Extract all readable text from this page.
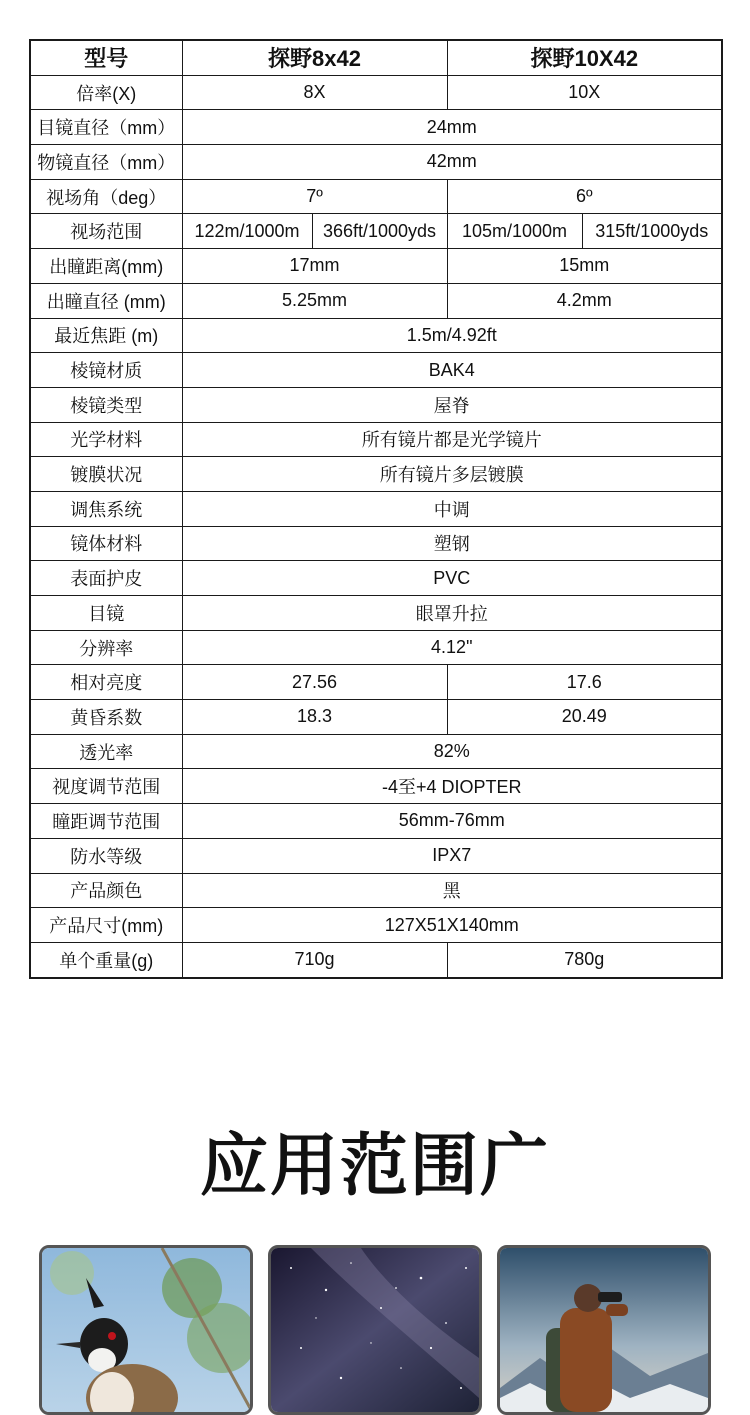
型号	探野8x42		探野10X42	
倍率(X)	8X		10X	
目镜直径（mm）	24mm			
物镜直径（mm）	42mm			
视场角（deg）	7º		6º	
视场范围	122m/1000m	366ft/1000yds	105m/1000m	315ft/1000yds
出瞳距离(mm)	17mm		15mm	
出瞳直径 (mm)	5.25mm		4.2mm	
最近焦距 (m)	1.5m/4.92ft			
棱镜材质	BAK4			
棱镜类型	屋脊			
光学材料	所有镜片都是光学镜片			
镀膜状况	所有镜片多层镀膜			
调焦系统	中调			
镜体材料	塑钢			
表面护皮	PVC			
目镜	眼罩升拉			
分辨率	4.12"			
相对亮度	27.56		17.6	
黄昏系数	18.3		20.49	
透光率	82%			
视度调节范围	-4至+4 DIOPTER			
瞳距调节范围	56mm-76mm			
防水等级	IPX7			
产品颜色	黑			
产品尺寸(mm)	127X51X140mm			
单个重量(g)	710g		780g	
应用范围广
